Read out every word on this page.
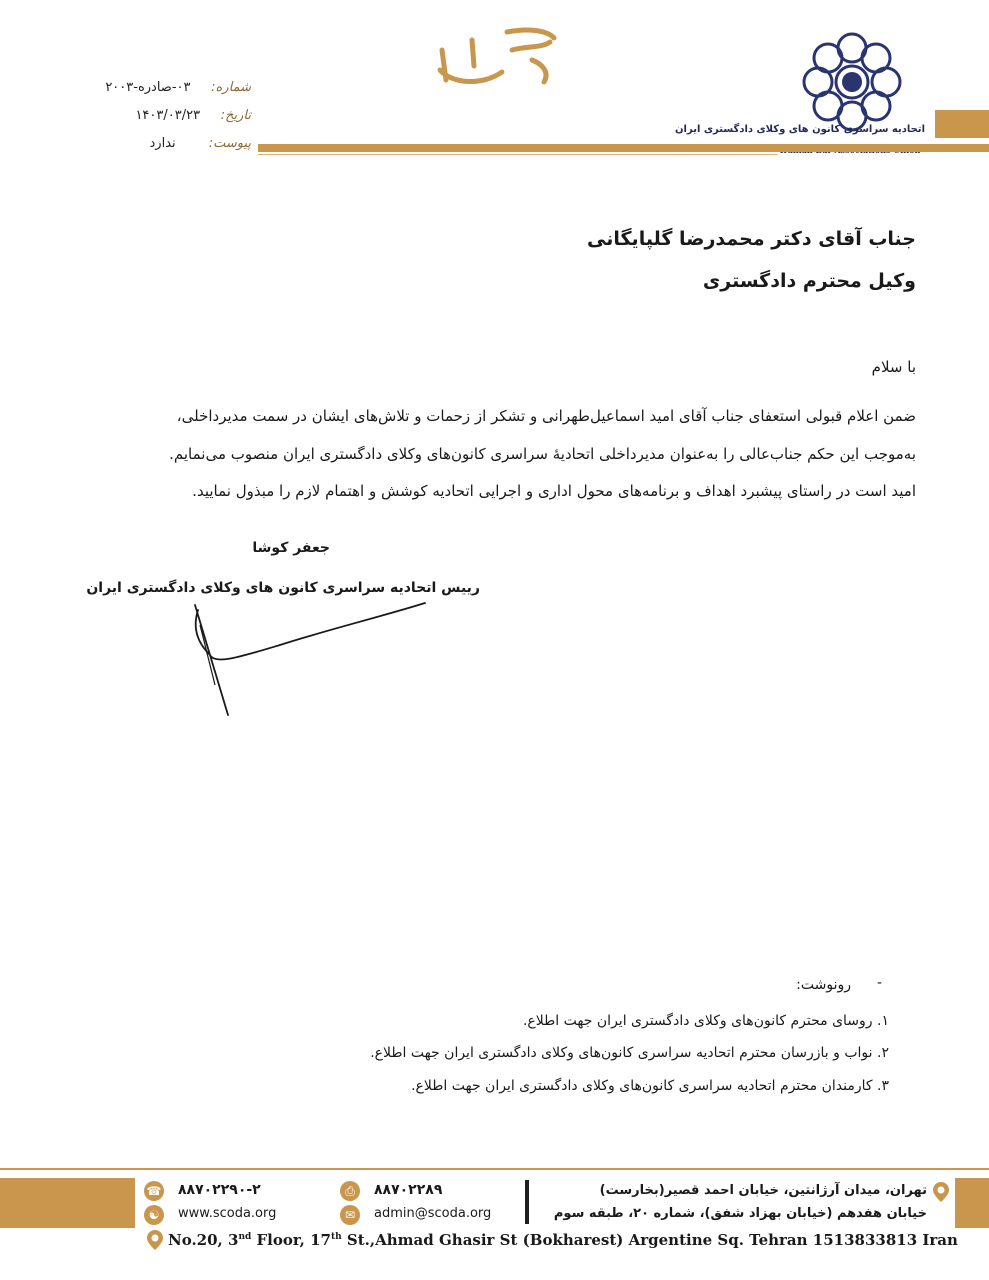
اتحادیه سراسری کانون های وکلای دادگستری ایران
شماره:     ۰۳-صادره-۲۰۰۳
تاریخ:     ۱۴۰۳/۰۳/۲۳
پیوست:        ندارد
جناب آقای دکتر محمدرضا گلپایگانی
وکیل محترم دادگستری
با سلام
ضمن اعلام قبولی استعفای جناب آقای امید اسماعیل‌طهرانی و تشکر از زحمات و تلاش‌های ایشان در سمت مدیرداخلی،
به‌موجب این حکم جناب‌عالی را به‌عنوان مدیرداخلی اتحادیهٔ سراسری کانون‌های وکلای دادگستری ایران منصوب می‌نمایم.
امید است در راستای پیشبرد اهداف و برنامه‌های محول اداری و اجرایی اتحادیه کوشش و اهتمام لازم را مبذول نمایید.
جعفر کوشا
رییس اتحادیه سراسری کانون های وکلای دادگستری ایران
-
رونوشت:
۱. روسای محترم کانون‌های وکلای دادگستری ایران جهت اطلاع.
۲. نواب و بازرسان محترم اتحادیه سراسری کانون‌های وکلای دادگستری ایران جهت اطلاع.
۳. کارمندان محترم اتحادیه سراسری کانون‌های وکلای دادگستری ایران جهت اطلاع.
تهران، میدان آرژانتین، خیابان احمد قصیر(بخارست)
خیابان هفدهم (خیابان بهزاد شفق)، شماره ۲۰، طبقه سوم
⎙	۸۸۷۰۲۲۸۹
✉	admin@scoda.org
☎ ۸۸۷۰۲۲۹۰-۲
☯	www.scoda.org
No.20, 3nd Floor, 17th St.,Ahmad Ghasir St (Bokharest) Argentine Sq. Tehran 1513833813 Iran
